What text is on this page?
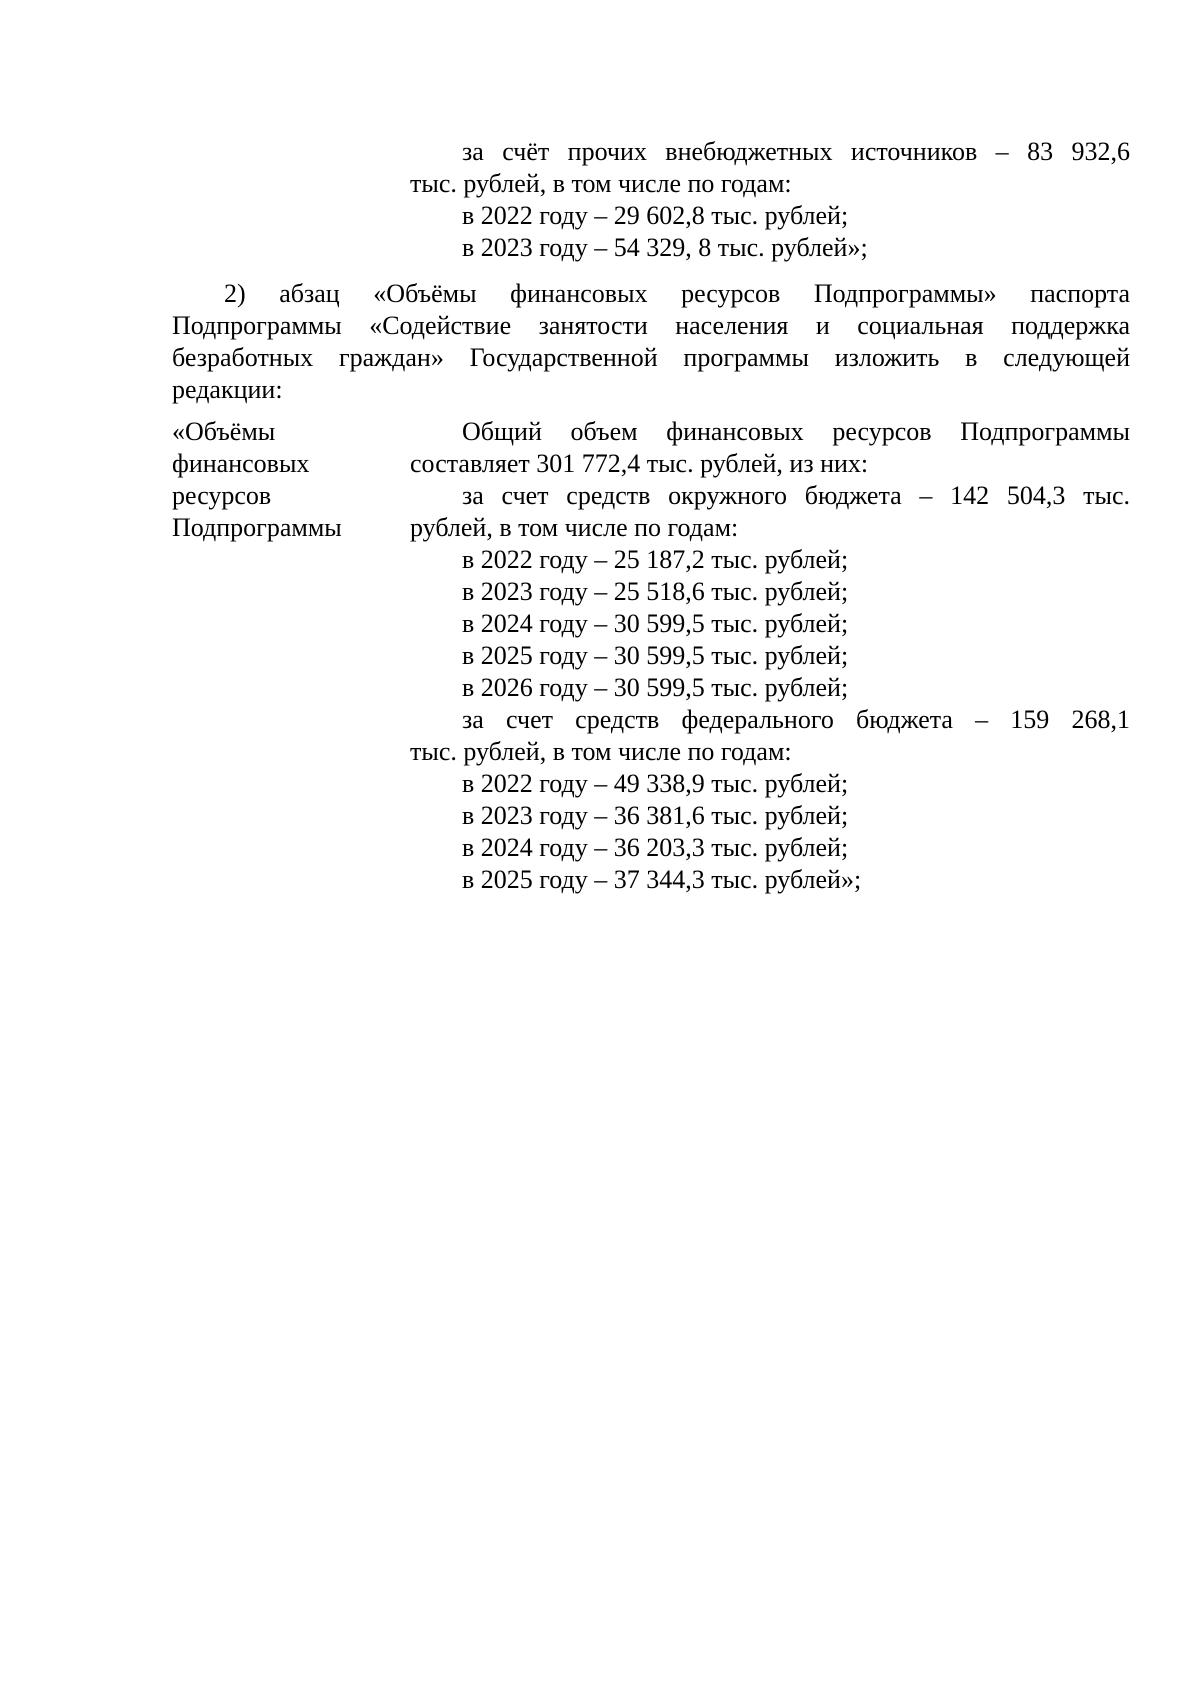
за счёт прочих внебюджетных источников – 83 932,6
тыс. рублей, в том числе по годам:
в 2022 году – 29 602,8 тыс. рублей;
в 2023 году – 54 329, 8 тыс. рублей»;

2) абзац «Объёмы финансовых ресурсов Подпрограммы» паспорта Подпрограммы «Содействие занятости населения и социальная поддержка безработных граждан» Государственной программы изложить в следующей редакции:

«Объёмы
финансовых
ресурсов
Подпрограммы
Общий объем финансовых ресурсов Подпрограммы
составляет 301 772,4 тыс. рублей, из них:
за счет средств окружного бюджета – 142 504,3 тыс.
рублей, в том числе по годам:
в 2022 году – 25 187,2 тыс. рублей;
в 2023 году – 25 518,6 тыс. рублей;
в 2024 году – 30 599,5 тыс. рублей;
в 2025 году – 30 599,5 тыс. рублей;
в 2026 году – 30 599,5 тыс. рублей;
за счет средств федерального бюджета – 159 268,1
тыс. рублей, в том числе по годам:
в 2022 году – 49 338,9 тыс. рублей;
в 2023 году – 36 381,6 тыс. рублей;
в 2024 году – 36 203,3 тыс. рублей;
в 2025 году – 37 344,3 тыс. рублей»;
